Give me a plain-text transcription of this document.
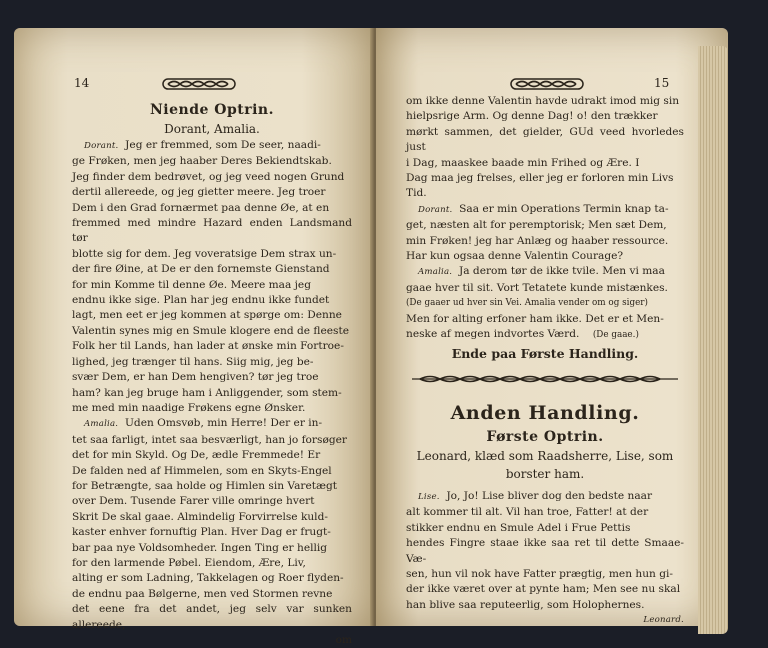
14

Niende Optrin.

Dorant, Amalia.

Dorant. Jeg er fremmed, som De seer, naadi-

ge Frøken, men jeg haaber Deres Bekiendtskab.

Jeg finder dem bedrøvet, og jeg veed nogen Grund

dertil allereede, og jeg gietter meere. Jeg troer

Dem i den Grad fornærmet paa denne Øe, at en

fremmed med mindre Hazard enden Landsmand tør

blotte sig for dem. Jeg voveratsige Dem strax un-

der fire Øine, at De er den fornemste Gienstand

for min Komme til denne Øe. Meere maa jeg

endnu ikke sige. Plan har jeg endnu ikke fundet

lagt, men eet er jeg kommen at spørge om: Denne

Valentin synes mig en Smule klogere end de fleeste

Folk her til Lands, han lader at ønske min Fortroe-

lighed, jeg trænger til hans. Siig mig, jeg be-

svær Dem, er han Dem hengiven? tør jeg troe

ham? kan jeg bruge ham i Anliggender, som stem-

me med min naadige Frøkens egne Ønsker.

Amalia. Uden Omsvøb, min Herre! Der er in-

tet saa farligt, intet saa besværligt, han jo forsøger

det for min Skyld. Og De, ædle Fremmede! Er

De falden ned af Himmelen, som en Skyts-Engel

for Betrængte, saa holde og Himlen sin Varetægt

over Dem. Tusende Farer ville omringe hvert

Skrit De skal gaae. Almindelig Forvirrelse kuld-

kaster enhver fornuftig Plan. Hver Dag er frugt-

bar paa nye Voldsomheder. Ingen Ting er hellig

for den larmende Pøbel. Eiendom, Ære, Liv,

alting er som Ladning, Takkelagen og Roer flyden-

de endnu paa Bølgerne, men ved Stormen revne

det eene fra det andet, jeg selv var sunken allereede,

om

15

om ikke denne Valentin havde udrakt imod mig sin

hielpsrige Arm. Og denne Dag! o! den trækker

mørkt sammen, det gielder, GUd veed hvorledes just

i Dag, maaskee baade min Frihed og Ære. I

Dag maa jeg frelses, eller jeg er forloren min Livs

Tid.

Dorant. Saa er min Operations Termin knap ta-

get, næsten alt for peremptorisk; Men sæt Dem,

min Frøken! jeg har Anlæg og haaber ressource.

Har kun ogsaa denne Valentin Courage?

Amalia. Ja derom tør de ikke tvile. Men vi maa

gaae hver til sit. Vort Tetatete kunde mistænkes.

(De gaaer ud hver sin Vei. Amalia vender om og siger)

Men for alting erfoner ham ikke. Det er et Men-

neske af megen indvortes Værd. (De gaae.)

Ende paa Første Handling.

Anden Handling.

Første Optrin.

Leonard, klæd som Raadsherre, Lise, som

borster ham.

Lise. Jo, Jo! Lise bliver dog den bedste naar

alt kommer til alt. Vil han troe, Fatter! at der

stikker endnu en Smule Adel i Frue Pettis

hendes Fingre staae ikke saa ret til dette Smaae-Væ-

sen, hun vil nok have Fatter prægtig, men hun gi-

der ikke været over at pynte ham; Men see nu skal

han blive saa reputeerlig, som Holophernes.

Leonard.
